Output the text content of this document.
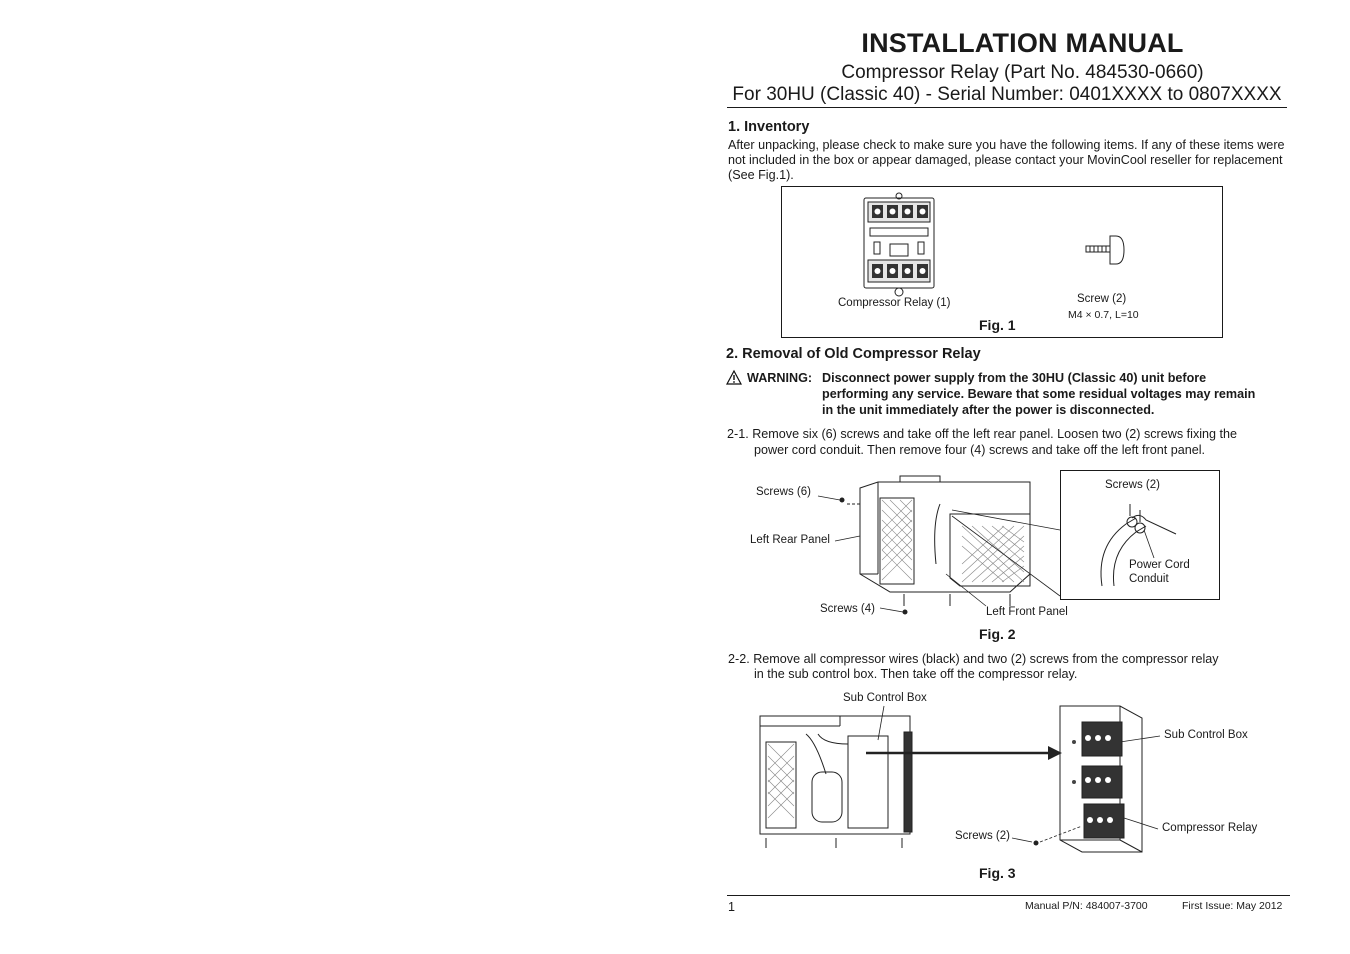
INSTALLATION MANUAL
Compressor Relay (Part No. 484530-0660)
For 30HU (Classic 40) - Serial Number: 0401XXXX to 0807XXXX
1. Inventory
After unpacking, please check to make sure you have the following items. If any of these items were not included in the box or appear damaged, please contact your MovinCool reseller for replacement (See Fig.1).
Compressor Relay (1)	Screw (2)
M4 × 0.7, L=10
Fig. 1
2. Removal of Old Compressor Relay
WARNING: Disconnect power supply from the 30HU (Classic 40) unit before
performing any service. Beware that some residual voltages may remain
in the unit immediately after the power is disconnected.
2-1. Remove six (6) screws and take off the left rear panel. Loosen two (2) screws fixing the
power cord conduit. Then remove four (4) screws and take off the left front panel.
Screws (6)
Left Rear Panel
Screws (4)	Left Front Panel
Screws (2)
Power Cord
Conduit
Fig. 2
2-2. Remove all compressor wires (black) and two (2) screws from the compressor relay
in the sub control box. Then take off the compressor relay.
Sub Control Box
Sub Control Box
Screws (2)
Compressor Relay
Fig. 3
1	Manual P/N: 484007-3700	First Issue: May 2012
